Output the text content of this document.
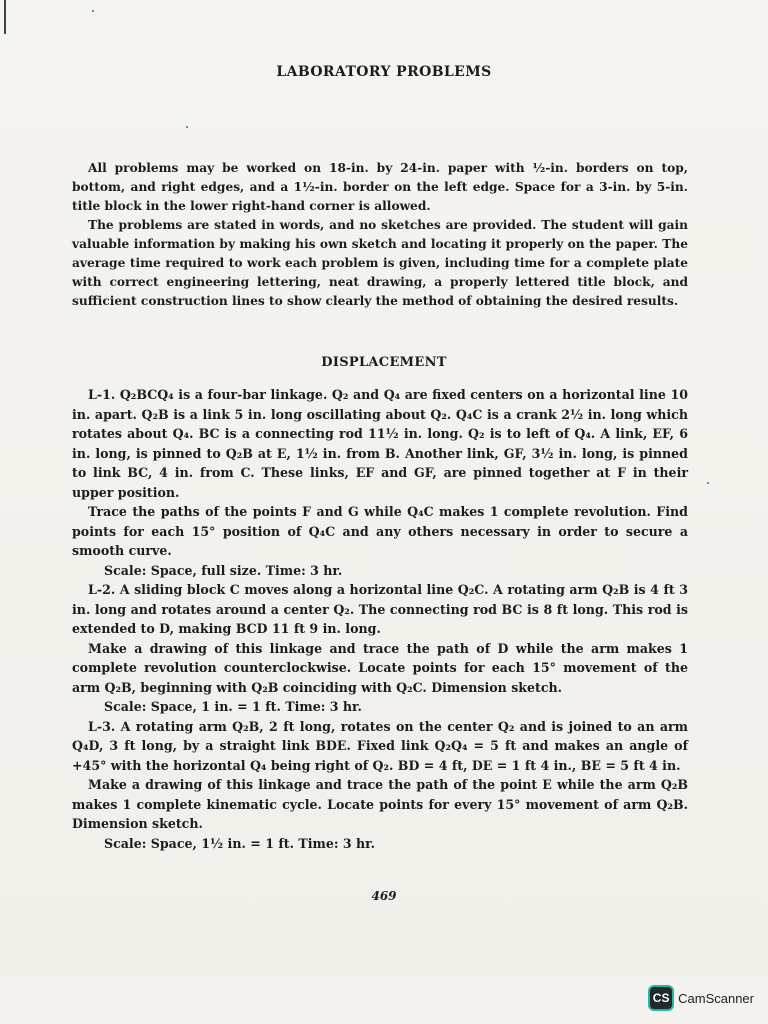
LABORATORY PROBLEMS

All problems may be worked on 18-in. by 24-in. paper with ½-in. borders on top, bottom, and right edges, and a 1½-in. border on the left edge. Space for a 3-in. by 5-in. title block in the lower right-hand corner is allowed.

The problems are stated in words, and no sketches are provided. The student will gain valuable information by making his own sketch and locating it properly on the paper. The average time required to work each problem is given, including time for a complete plate with correct engineering lettering, neat drawing, a properly lettered title block, and sufficient construction lines to show clearly the method of obtaining the desired results.

DISPLACEMENT

L-1. Q₂BCQ₄ is a four-bar linkage. Q₂ and Q₄ are fixed centers on a horizontal line 10 in. apart. Q₂B is a link 5 in. long oscillating about Q₂. Q₄C is a crank 2½ in. long which rotates about Q₄. BC is a connecting rod 11½ in. long. Q₂ is to left of Q₄. A link, EF, 6 in. long, is pinned to Q₂B at E, 1½ in. from B. Another link, GF, 3½ in. long, is pinned to link BC, 4 in. from C. These links, EF and GF, are pinned together at F in their upper position.

Trace the paths of the points F and G while Q₄C makes 1 complete revolution. Find points for each 15° position of Q₄C and any others necessary in order to secure a smooth curve.

Scale: Space, full size. Time: 3 hr.

L-2. A sliding block C moves along a horizontal line Q₂C. A rotating arm Q₂B is 4 ft 3 in. long and rotates around a center Q₂. The connecting rod BC is 8 ft long. This rod is extended to D, making BCD 11 ft 9 in. long.

Make a drawing of this linkage and trace the path of D while the arm makes 1 complete revolution counterclockwise. Locate points for each 15° movement of the arm Q₂B, beginning with Q₂B coinciding with Q₂C. Dimension sketch.

Scale: Space, 1 in. = 1 ft. Time: 3 hr.

L-3. A rotating arm Q₂B, 2 ft long, rotates on the center Q₂ and is joined to an arm Q₄D, 3 ft long, by a straight link BDE. Fixed link Q₂Q₄ = 5 ft and makes an angle of +45° with the horizontal Q₄ being right of Q₂. BD = 4 ft, DE = 1 ft 4 in., BE = 5 ft 4 in.

Make a drawing of this linkage and trace the path of the point E while the arm Q₂B makes 1 complete kinematic cycle. Locate points for every 15° movement of arm Q₂B. Dimension sketch.

Scale: Space, 1½ in. = 1 ft. Time: 3 hr.

469
CS CamScanner
